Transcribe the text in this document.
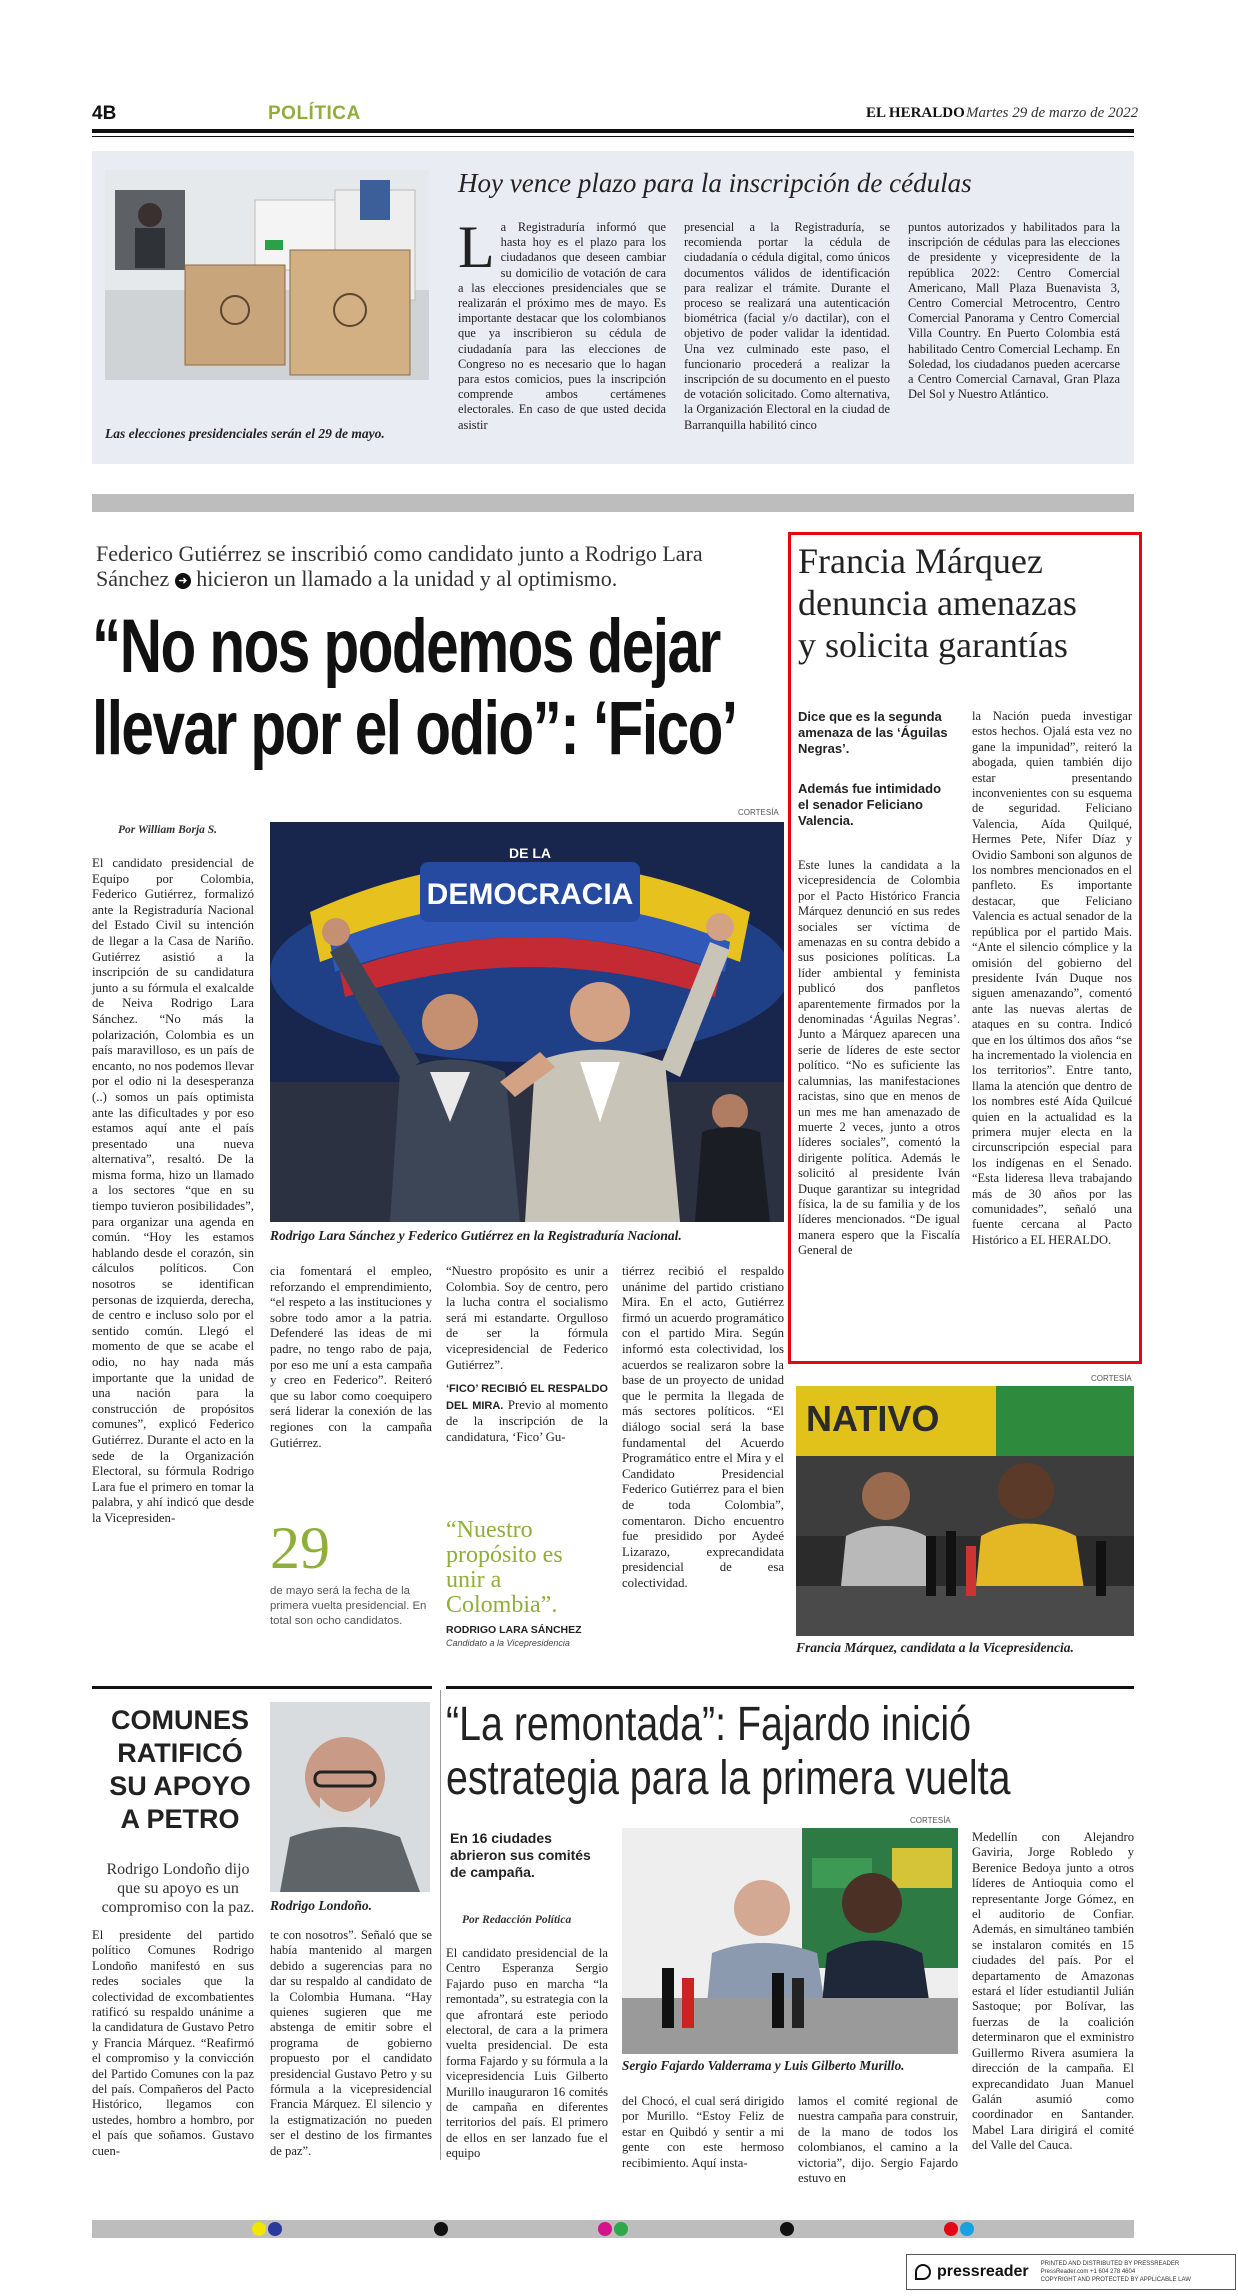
4B	POLÍTICA	EL HERALDO Martes 29 de marzo de 2022
Las elecciones presidenciales serán el 29 de mayo.
Hoy vence plazo para la inscripción de cédulas
L a Registraduría informó que hasta hoy es el plazo para los ciudadanos que deseen cambiar su domicilio de votación de cara a las elecciones presidenciales que se realizarán el próximo mes de mayo. Es importante destacar que los colombianos que ya inscribieron su cédula de ciudadanía para las elecciones de Congreso no es necesario que lo hagan para estos comicios, pues la inscripción comprende ambos certámenes electorales. En caso de que usted decida asistir
presencial a la Registraduría, se recomienda portar la cédula de ciudadanía o cédula digital, como únicos documentos válidos de identificación para realizar el trámite. Durante el proceso se realizará una autenticación biométrica (facial y/o dactilar), con el objetivo de poder validar la identidad. Una vez culminado este paso, el funcionario procederá a realizar la inscripción de su documento en el puesto de votación solicitado. Como alternativa, la Organización Electoral en la ciudad de Barranquilla habilitó cinco
puntos autorizados y habilitados para la inscripción de cédulas para las elecciones de presidente y vicepresidente de la república 2022: Centro Comercial Americano, Mall Plaza Buenavista 3, Centro Comercial Metrocentro, Centro Comercial Panorama y Centro Comercial Villa Country. En Puerto Colombia está habilitado Centro Comercial Lechamp. En Soledad, los ciudadanos pueden acercarse a Centro Comercial Carnaval, Gran Plaza Del Sol y Nuestro Atlántico.
Federico Gutiérrez se inscribió como candidato junto a Rodrigo Lara Sánchez ➜ hicieron un llamado a la unidad y al optimismo.
“No nos podemos dejar
llevar por el odio”: ‘Fico’
Por William Borja S.
CORTESÍA
DE LA
DEMOCRACIA
Rodrigo Lara Sánchez y Federico Gutiérrez en la Registraduría Nacional.
El candidato presidencial de Equipo por Colombia, Federico Gutiérrez, formalizó ante la Registraduría Nacional del Estado Civil su intención de llegar a la Casa de Nariño. Gutiérrez asistió a la inscripción de su candidatura junto a su fórmula el exalcalde de Neiva Rodrigo Lara Sánchez. “No más la polarización, Colombia es un país maravilloso, es un país de encanto, no nos podemos llevar por el odio ni la desesperanza (..) somos un país optimista ante las dificultades y por eso estamos aquí ante el país presentado una nueva alternativa”, resaltó. De la misma forma, hizo un llamado a los sectores “que en su tiempo tuvieron posibilidades”, para organizar una agenda en común. “Hoy les estamos hablando desde el corazón, sin cálculos políticos. Con nosotros se identifican personas de izquierda, derecha, de centro e incluso solo por el sentido común. Llegó el momento de que se acabe el odio, no hay nada más importante que la unidad de una nación para la construcción de propósitos comunes”, explicó Federico Gutiérrez. Durante el acto en la sede de la Organización Electoral, su fórmula Rodrigo Lara fue el primero en tomar la palabra, y ahí indicó que desde la Vicepresiden-
cia fomentará el empleo, reforzando el emprendimiento, “el respeto a las instituciones y sobre todo amor a la patria. Defenderé las ideas de mi padre, no tengo rabo de paja, por eso me uní a esta campaña y creo en Federico”. Reiteró que su labor como coequipero será liderar la conexión de las regiones con la campaña Gutiérrez.
29
de mayo será la fecha de la primera vuelta presidencial. En total son ocho candidatos.

“Nuestro propósito es unir a Colombia. Soy de centro, pero la lucha contra el socialismo será mi estandarte. Orgulloso de ser la fórmula vicepresidencial de Federico Gutiérrez”.

‘FICO’ RECIBIÓ EL RESPALDO DEL MIRA. Previo al momento de la inscripción de la candidatura, ‘Fico’ Gu-

“Nuestro propósito es unir a Colombia”.
RODRIGO LARA SÁNCHEZ
Candidato a la Vicepresidencia
tiérrez recibió el respaldo unánime del partido cristiano Mira. En el acto, Gutiérrez firmó un acuerdo programático con el partido Mira. Según informó esta colectividad, los acuerdos se realizaron sobre la base de un proyecto de unidad que le permita la llegada de más sectores políticos. “El diálogo social será la base fundamental del Acuerdo Programático entre el Mira y el Candidato Presidencial Federico Gutiérrez para el bien de toda Colombia”, comentaron. Dicho encuentro fue presidido por Aydeé Lizarazo, exprecandidata presidencial de esa colectividad.
Francia Márquez
denuncia amenazas
y solicita garantías
Dice que es la segunda amenaza de las ‘Águilas Negras’.
Además fue intimidado el senador Feliciano Valencia.
Este lunes la candidata a la vicepresidencia de Colombia por el Pacto Histórico Francia Márquez denunció en sus redes sociales ser víctima de amenazas en su contra debido a sus posiciones políticas. La líder ambiental y feminista publicó dos panfletos aparentemente firmados por la denominadas ‘Águilas Negras’. Junto a Márquez aparecen una serie de líderes de este sector político. “No es suficiente las calumnias, las manifestaciones racistas, sino que en menos de un mes me han amenazado de muerte 2 veces, junto a otros líderes sociales”, comentó la dirigente política. Además le solicitó al presidente Iván Duque garantizar su integridad física, la de su familia y de los líderes mencionados. “De igual manera espero que la Fiscalía General de
la Nación pueda investigar estos hechos. Ojalá esta vez no gane la impunidad”, reiteró la abogada, quien también dijo estar presentando inconvenientes con su esquema de seguridad. Feliciano Valencia, Aída Quilqué, Hermes Pete, Nifer Díaz y Ovidio Samboni son algunos de los nombres mencionados en el panfleto. Es importante destacar, que Feliciano Valencia es actual senador de la república por el partido Mais. “Ante el silencio cómplice y la omisión del gobierno del presidente Iván Duque nos siguen amenazando”, comentó ante las nuevas alertas de ataques en su contra. Indicó que en los últimos dos años “se ha incrementado la violencia en los territorios”. Entre tanto, llama la atención que dentro de los nombres esté Aída Quilcué quien en la actualidad es la primera mujer electa en la circunscripción especial para los indígenas en el Senado. “Esta lideresa lleva trabajando más de 30 años por las comunidades”, señaló una fuente cercana al Pacto Histórico a EL HERALDO.
CORTESÍA
NATIVO
Francia Márquez, candidata a la Vicepresidencia.
COMUNES RATIFICÓ SU APOYO A PETRO
Rodrigo Londoño dijo que su apoyo es un compromiso con la paz. Rodrigo Londoño.
El presidente del partido político Comunes Rodrigo Londoño manifestó en sus redes sociales que la colectividad de excombatientes ratificó su respaldo unánime a la candidatura de Gustavo Petro y Francia Márquez. “Reafirmó el compromiso y la convicción del Partido Comunes con la paz del país. Compañeros del Pacto Histórico, llegamos con ustedes, hombro a hombro, por el país que soñamos. Gustavo cuen-
te con nosotros”. Señaló que se había mantenido al margen debido a sugerencias para no dar su respaldo al candidato de la Colombia Humana. “Hay quienes sugieren que me abstenga de emitir sobre el programa de gobierno propuesto por el candidato presidencial Gustavo Petro y su fórmula a la vicepresidencial Francia Márquez. El silencio y la estigmatización no pueden ser el destino de los firmantes de paz”.
“La remontada”: Fajardo inició
estrategia para la primera vuelta
En 16 ciudades abrieron sus comités de campaña.
Por Redacción Política
El candidato presidencial de la Centro Esperanza Sergio Fajardo puso en marcha “la remontada”, su estrategia con la que afrontará este periodo electoral, de cara a la primera vuelta presidencial. De esta forma Fajardo y su fórmula a la vicepresidencia Luis Gilberto Murillo inauguraron 16 comités de campaña en diferentes territorios del país. El primero de ellos en ser lanzado fue el equipo
CORTESÍA
Sergio Fajardo Valderrama y Luis Gilberto Murillo.
del Chocó, el cual será dirigido por Murillo. “Estoy Feliz de estar en Quibdó y sentir a mi gente con este hermoso recibimiento. Aquí insta-
lamos el comité regional de nuestra campaña para construir, de la mano de todos los colombianos, el camino a la victoria”, dijo. Sergio Fajardo estuvo en
Medellín con Alejandro Gaviria, Jorge Robledo y Berenice Bedoya junto a otros líderes de Antioquia como el representante Jorge Gómez, en el auditorio de Confiar. Además, en simultáneo también se instalaron comités en 15 ciudades del país. Por el departamento de Amazonas estará el líder estudiantil Julián Sastoque; por Bolívar, las fuerzas de la coalición determinaron que el exministro Guillermo Rivera asumiera la dirección de la campaña. El exprecandidato Juan Manuel Galán asumió como coordinador en Santander. Mabel Lara dirigirá el comité del Valle del Cauca.
pressreader PRINTED AND DISTRIBUTED BY PRESSREADER
PressReader.com +1 604 278 4604
COPYRIGHT AND PROTECTED BY APPLICABLE LAW
